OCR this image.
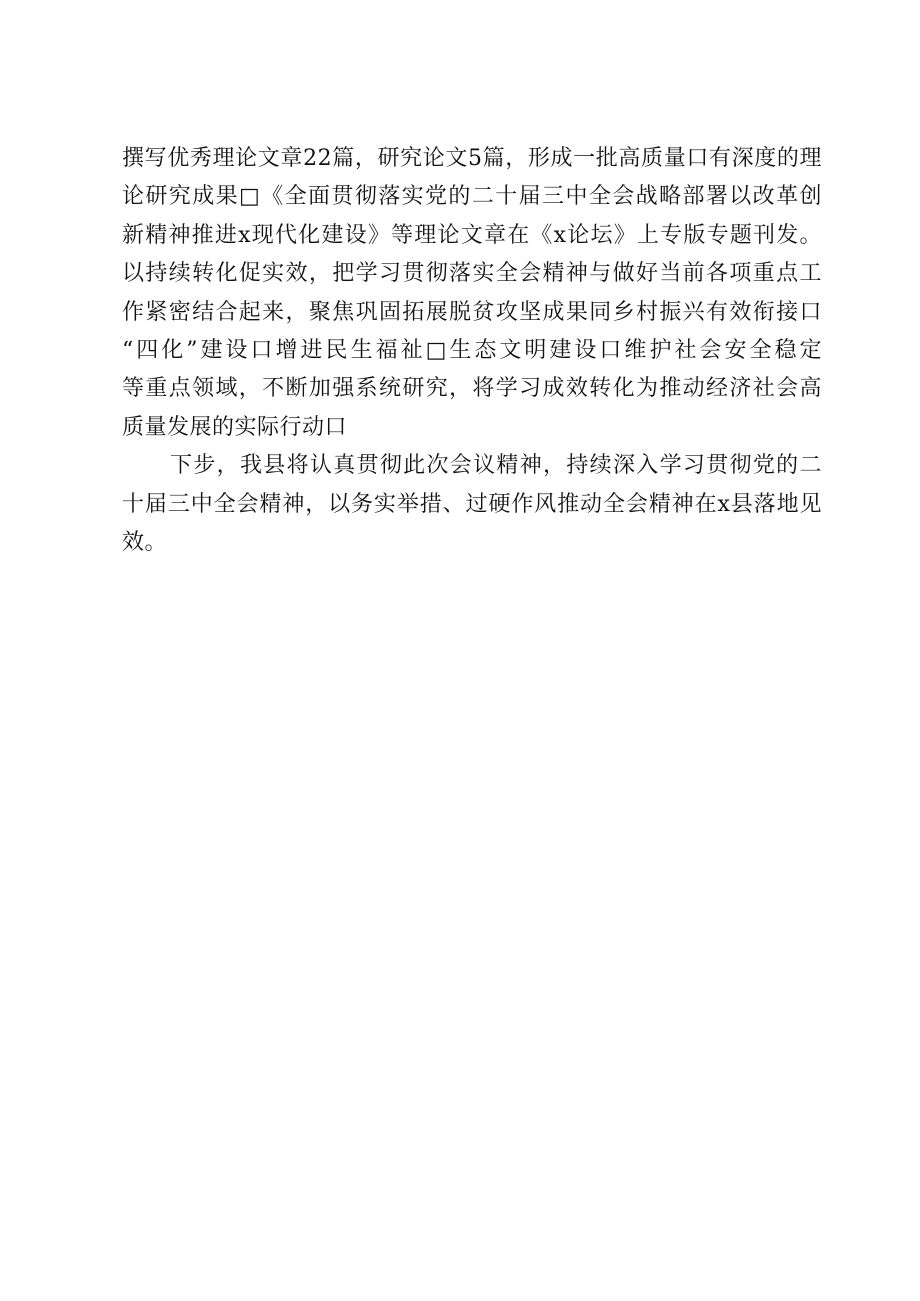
撰写优秀理论文章22篇，研究论文5篇，形成一批高质量口有深度的理
论研究成果□《全面贯彻落实党的二十届三中全会战略部署以改革创
新精神推进x现代化建设》等理论文章在《x论坛》上专版专题刊发。
以持续转化促实效，把学习贯彻落实全会精神与做好当前各项重点工
作紧密结合起来，聚焦巩固拓展脱贫攻坚成果同乡村振兴有效衔接口
“四化”建设口增进民生福祉□生态文明建设口维护社会安全稳定
等重点领域，不断加强系统研究，将学习成效转化为推动经济社会高
质量发展的实际行动口
下步，我县将认真贯彻此次会议精神，持续深入学习贯彻党的二
十届三中全会精神，以务实举措、过硬作风推动全会精神在x县落地见
效。
